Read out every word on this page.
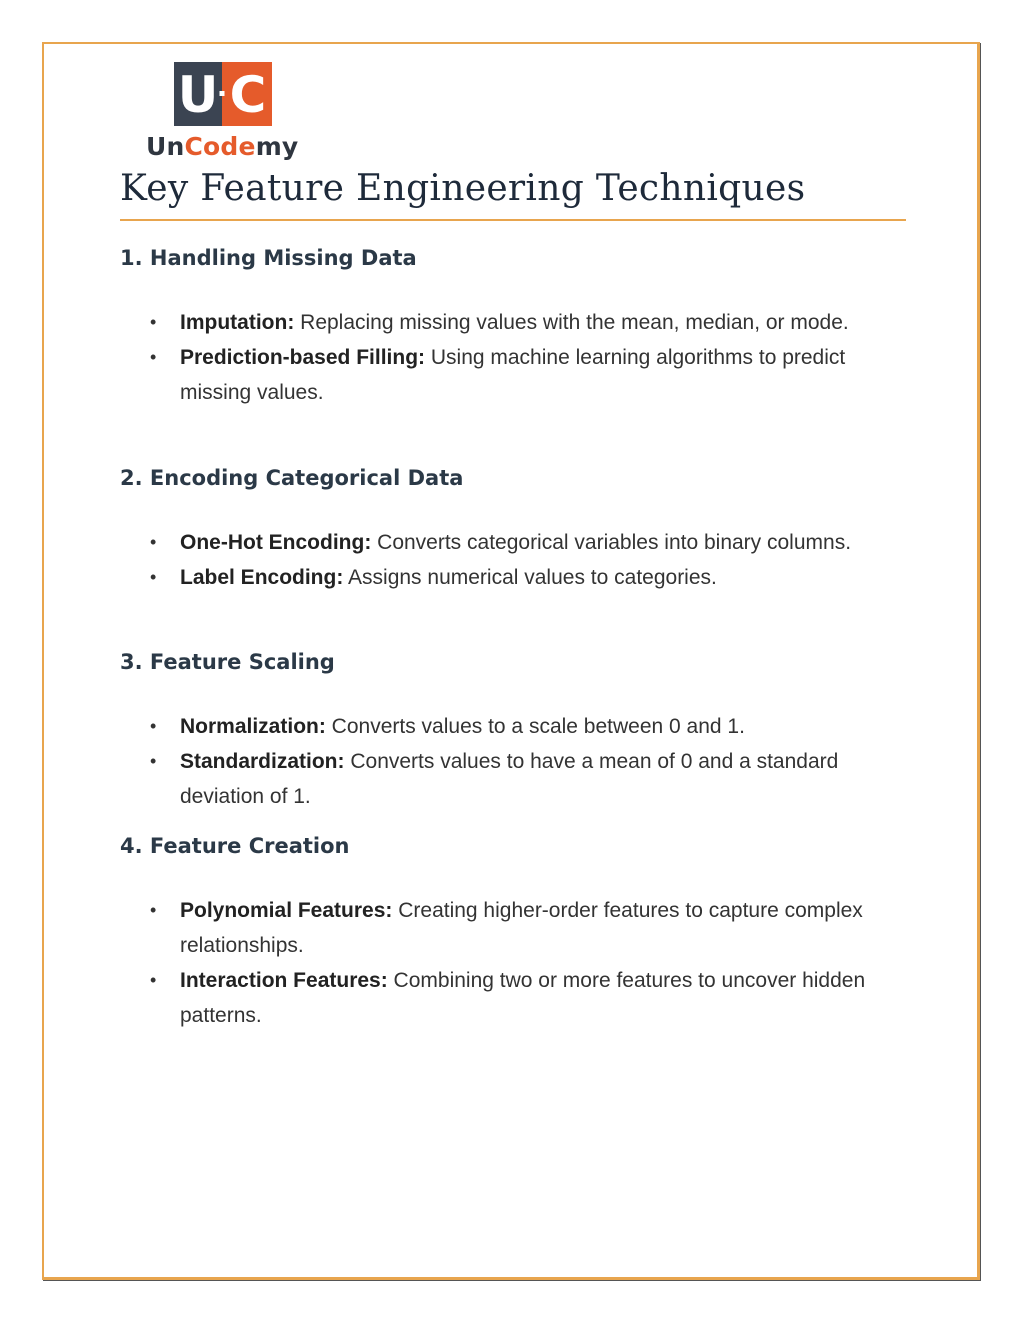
U C
UnCodemy
Key Feature Engineering Techniques
1. Handling Missing Data
• Imputation: Replacing missing values with the mean, median, or mode.
• Prediction-based Filling: Using machine learning algorithms to predict missing values.
2. Encoding Categorical Data
• One-Hot Encoding: Converts categorical variables into binary columns.
• Label Encoding: Assigns numerical values to categories.
3. Feature Scaling
• Normalization: Converts values to a scale between 0 and 1.
• Standardization: Converts values to have a mean of 0 and a standard deviation of 1.
4. Feature Creation
• Polynomial Features: Creating higher-order features to capture complex relationships.
• Interaction Features: Combining two or more features to uncover hidden patterns.
